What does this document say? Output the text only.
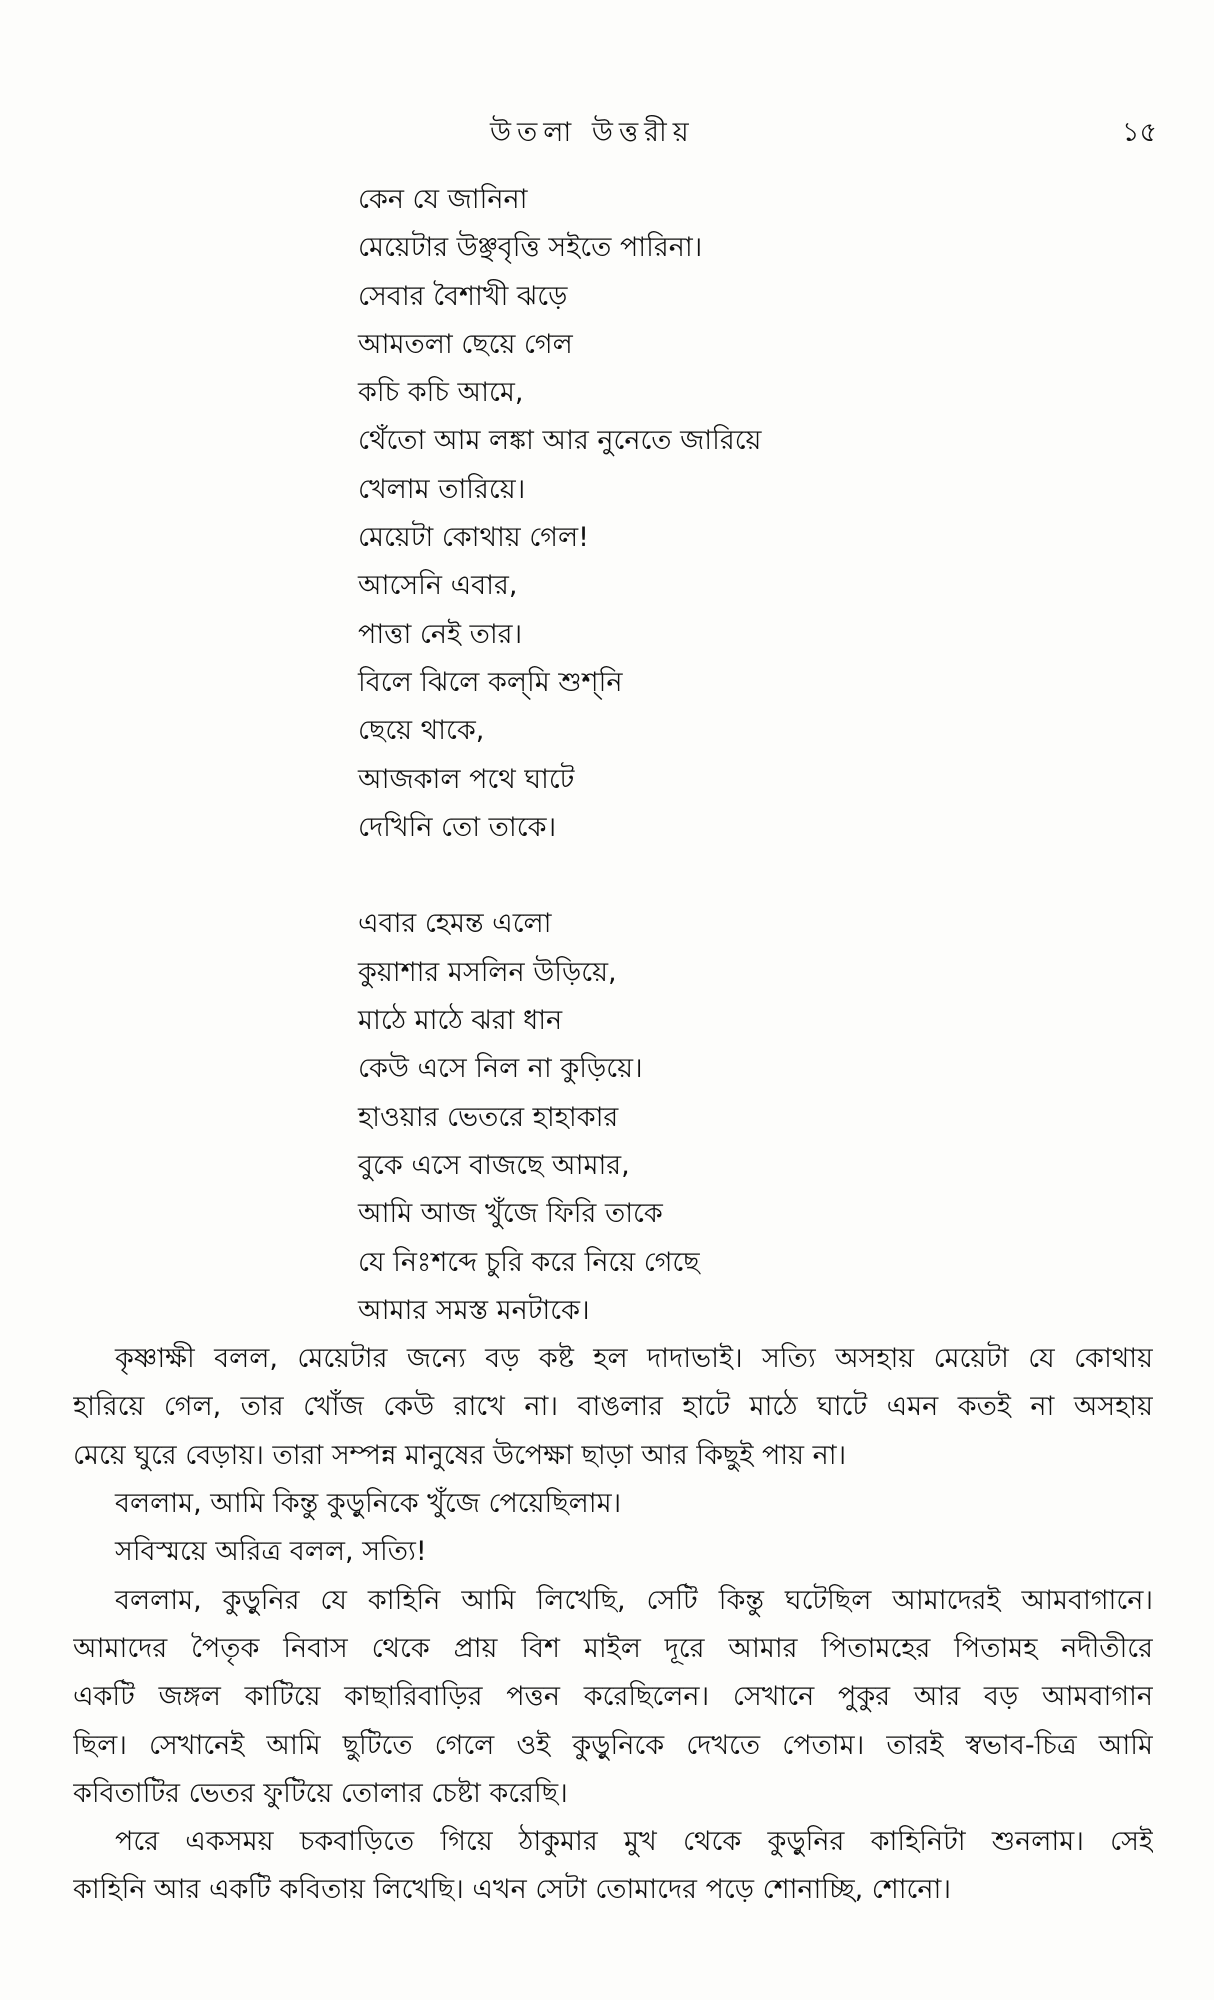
উতলা উত্তরীয়	১৫
কেন যে জানিনা
মেয়েটার উঞ্ছবৃত্তি সইতে পারিনা।
সেবার বৈশাখী ঝড়ে
আমতলা ছেয়ে গেল
কচি কচি আমে,
থেঁতো আম লঙ্কা আর নুনেতে জারিয়ে
খেলাম তারিয়ে।
মেয়েটা কোথায় গেল!
আসেনি এবার,
পাত্তা নেই তার।
বিলে ঝিলে কল্‌মি শুশ্‌নি
ছেয়ে থাকে,
আজকাল পথে ঘাটে
দেখিনি তো তাকে।
এবার হেমন্ত এলো
কুয়াশার মসলিন উড়িয়ে,
মাঠে মাঠে ঝরা ধান
কেউ এসে নিল না কুড়িয়ে।
হাওয়ার ভেতরে হাহাকার
বুকে এসে বাজছে আমার,
আমি আজ খুঁজে ফিরি তাকে
যে নিঃশব্দে চুরি করে নিয়ে গেছে
আমার সমস্ত মনটাকে।
কৃষ্ণাক্ষী বলল, মেয়েটার জন্যে বড় কষ্ট হল দাদাভাই। সত্যি অসহায় মেয়েটা যে কোথায়
হারিয়ে গেল, তার খোঁজ কেউ রাখে না। বাঙলার হাটে মাঠে ঘাটে এমন কতই না অসহায়
মেয়ে ঘুরে বেড়ায়। তারা সম্পন্ন মানুষের উপেক্ষা ছাড়া আর কিছুই পায় না।
বললাম, আমি কিন্তু কুড়ুনিকে খুঁজে পেয়েছিলাম।
সবিস্ময়ে অরিত্র বলল, সত্যি!
বললাম, কুড়ুনির যে কাহিনি আমি লিখেছি, সেটি কিন্তু ঘটেছিল আমাদেরই আমবাগানে।
আমাদের পৈতৃক নিবাস থেকে প্রায় বিশ মাইল দূরে আমার পিতামহের পিতামহ নদীতীরে
একটি জঙ্গল কাটিয়ে কাছারিবাড়ির পত্তন করেছিলেন। সেখানে পুকুর আর বড় আমবাগান
ছিল। সেখানেই আমি ছুটিতে গেলে ওই কুড়ুনিকে দেখতে পেতাম। তারই স্বভাব-চিত্র আমি
কবিতাটির ভেতর ফুটিয়ে তোলার চেষ্টা করেছি।
পরে একসময় চকবাড়িতে গিয়ে ঠাকুমার মুখ থেকে কুড়ুনির কাহিনিটা শুনলাম। সেই
কাহিনি আর একটি কবিতায় লিখেছি। এখন সেটা তোমাদের পড়ে শোনাচ্ছি, শোনো।
